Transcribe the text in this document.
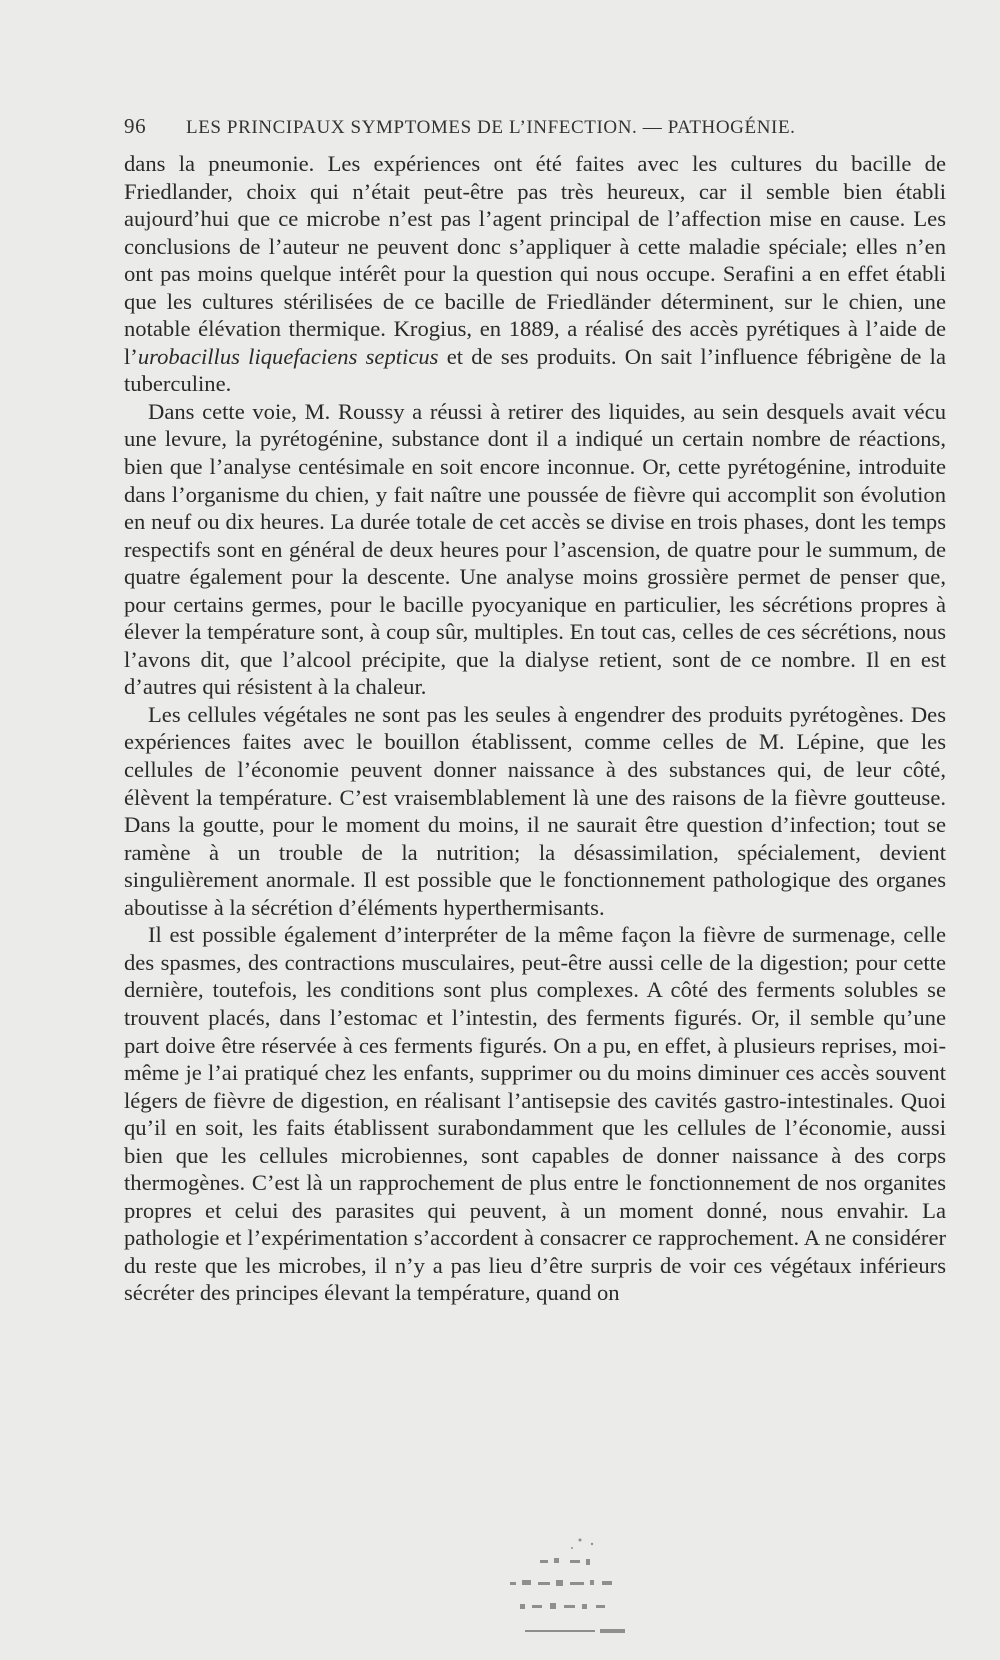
96 LES PRINCIPAUX SYMPTOMES DE L’INFECTION. — PATHOGÉNIE.

dans la pneumonie. Les expériences ont été faites avec les cultures du bacille de Friedlander, choix qui n’était peut-être pas très heureux, car il semble bien établi aujourd’hui que ce microbe n’est pas l’agent principal de l’affection mise en cause. Les conclusions de l’auteur ne peuvent donc s’appliquer à cette maladie spéciale; elles n’en ont pas moins quelque intérêt pour la question qui nous occupe. Serafini a en effet établi que les cultures stérilisées de ce bacille de Friedländer déterminent, sur le chien, une notable élévation thermique. Krogius, en 1889, a réalisé des accès pyrétiques à l’aide de l’urobacillus liquefaciens septicus et de ses produits. On sait l’influence fébrigène de la tuberculine.

Dans cette voie, M. Roussy a réussi à retirer des liquides, au sein desquels avait vécu une levure, la pyrétogénine, substance dont il a indiqué un certain nombre de réactions, bien que l’analyse centésimale en soit encore inconnue. Or, cette pyrétogénine, introduite dans l’organisme du chien, y fait naître une poussée de fièvre qui accomplit son évolution en neuf ou dix heures. La durée totale de cet accès se divise en trois phases, dont les temps respectifs sont en général de deux heures pour l’ascension, de quatre pour le summum, de quatre également pour la descente. Une analyse moins grossière permet de penser que, pour certains germes, pour le bacille pyocyanique en particulier, les sécrétions propres à élever la température sont, à coup sûr, multiples. En tout cas, celles de ces sécrétions, nous l’avons dit, que l’alcool précipite, que la dialyse retient, sont de ce nombre. Il en est d’autres qui résistent à la chaleur.

Les cellules végétales ne sont pas les seules à engendrer des produits pyrétogènes. Des expériences faites avec le bouillon établissent, comme celles de M. Lépine, que les cellules de l’économie peuvent donner naissance à des substances qui, de leur côté, élèvent la température. C’est vraisemblablement là une des raisons de la fièvre goutteuse. Dans la goutte, pour le moment du moins, il ne saurait être question d’infection; tout se ramène à un trouble de la nutrition; la désassimilation, spécialement, devient singulièrement anormale. Il est possible que le fonctionnement pathologique des organes aboutisse à la sécrétion d’éléments hyperthermisants.

Il est possible également d’interpréter de la même façon la fièvre de surmenage, celle des spasmes, des contractions musculaires, peut-être aussi celle de la digestion; pour cette dernière, toutefois, les conditions sont plus complexes. A côté des ferments solubles se trouvent placés, dans l’estomac et l’intestin, des ferments figurés. Or, il semble qu’une part doive être réservée à ces ferments figurés. On a pu, en effet, à plusieurs reprises, moi-même je l’ai pratiqué chez les enfants, supprimer ou du moins diminuer ces accès souvent légers de fièvre de digestion, en réalisant l’antisepsie des cavités gastro-intestinales. Quoi qu’il en soit, les faits établissent surabondamment que les cellules de l’économie, aussi bien que les cellules microbiennes, sont capables de donner naissance à des corps thermogènes. C’est là un rapprochement de plus entre le fonctionnement de nos organites propres et celui des parasites qui peuvent, à un moment donné, nous envahir. La pathologie et l’expérimentation s’accordent à consacrer ce rapprochement. A ne considérer du reste que les microbes, il n’y a pas lieu d’être surpris de voir ces végétaux inférieurs sécréter des principes élevant la température, quand on
